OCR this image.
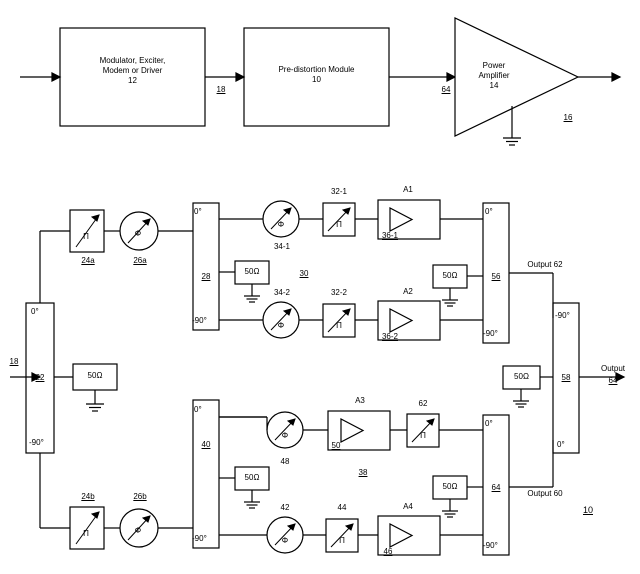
Modulator, Exciter,
Modem or Driver
12
Pre-distortion Module
10
Power
Amplifier
14
18	64
16
18
0°
-90°
22	50Ω
Π
24a
Φ
26a
Π
24b
Φ
26b
0°
-90°
28
50Ω
0°
-90°
40
50Ω
Φ
34-1
Φ
34-2
Φ
48
Φ
42
30
38
Π
32-2
32-1
Π
Π
62
Π
44
A1
36-1
A2
36-2
A3
50
A4
46
0°
-90°
56
50Ω
Output 62
0°
-90°
64
50Ω
Output 60
-90°
0°
58
50Ω
Output
64
10
